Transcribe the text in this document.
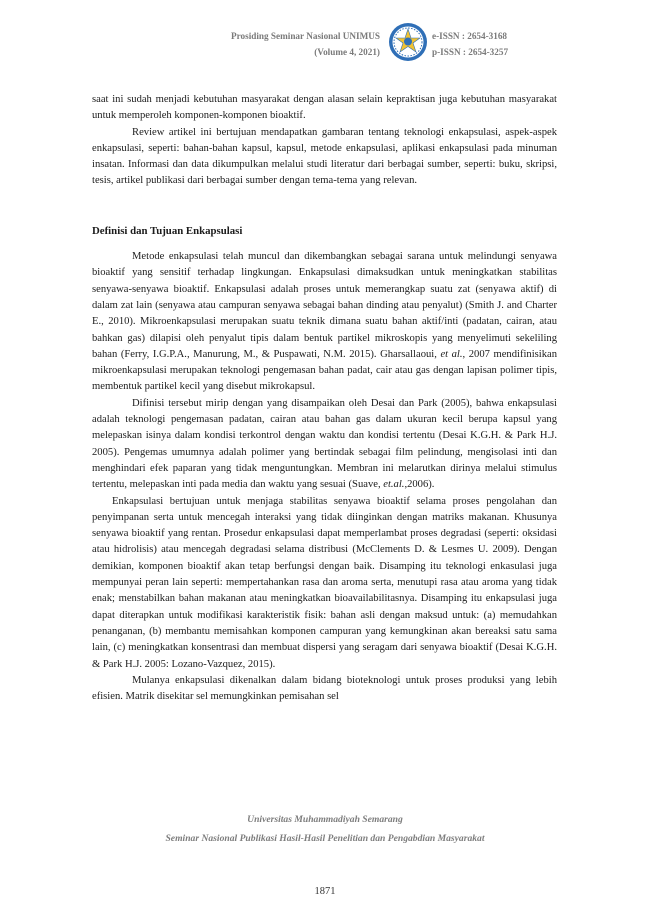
Prosiding Seminar Nasional UNIMUS
(Volume 4, 2021)
e-ISSN : 2654-3168
p-ISSN : 2654-3257

saat ini sudah menjadi kebutuhan masyarakat dengan alasan selain kepraktisan juga kebutuhan masyarakat untuk memperoleh komponen-komponen bioaktif.

Review artikel ini bertujuan mendapatkan gambaran tentang teknologi enkapsulasi, aspek-aspek enkapsulasi, seperti: bahan-bahan kapsul, kapsul, metode enkapsulasi, aplikasi enkapsulasi pada minuman insatan. Informasi dan data dikumpulkan melalui studi literatur dari berbagai sumber, seperti: buku, skripsi, tesis, artikel publikasi dari berbagai sumber dengan tema-tema yang relevan.

Definisi dan Tujuan Enkapsulasi

Metode enkapsulasi telah muncul dan dikembangkan sebagai sarana untuk melindungi senyawa bioaktif yang sensitif terhadap lingkungan. Enkapsulasi dimaksudkan untuk meningkatkan stabilitas senyawa-senyawa bioaktif. Enkapsulasi adalah proses untuk memerangkap suatu zat (senyawa aktif) di dalam zat lain (senyawa atau campuran senyawa sebagai bahan dinding atau penyalut) (Smith J. and Charter E., 2010). Mikroenkapsulasi merupakan suatu teknik dimana suatu bahan aktif/inti (padatan, cairan, atau bahkan gas) dilapisi oleh penyalut tipis dalam bentuk partikel mikroskopis yang menyelimuti sekeliling bahan (Ferry, I.G.P.A., Manurung, M., & Puspawati, N.M. 2015). Gharsallaoui, et al., 2007 mendifinisikan mikroenkapsulasi merupakan teknologi pengemasan bahan padat, cair atau gas dengan lapisan polimer tipis, membentuk partikel kecil yang disebut mikrokapsul.

Difinisi tersebut mirip dengan yang disampaikan oleh Desai dan Park (2005), bahwa enkapsulasi adalah teknologi pengemasan padatan, cairan atau bahan gas dalam ukuran kecil berupa kapsul yang melepaskan isinya dalam kondisi terkontrol dengan waktu dan kondisi tertentu (Desai K.G.H. & Park H.J. 2005). Pengemas umumnya adalah polimer yang bertindak sebagai film pelindung, mengisolasi inti dan menghindari efek paparan yang tidak menguntungkan. Membran ini melarutkan dirinya melalui stimulus tertentu, melepaskan inti pada media dan waktu yang sesuai (Suave, et.al.,2006).

Enkapsulasi bertujuan untuk menjaga stabilitas senyawa bioaktif selama proses pengolahan dan penyimpanan serta untuk mencegah interaksi yang tidak diinginkan dengan matriks makanan. Khusunya senyawa bioaktif yang rentan. Prosedur enkapsulasi dapat memperlambat proses degradasi (seperti: oksidasi atau hidrolisis) atau mencegah degradasi selama distribusi (McClements D. & Lesmes U. 2009). Dengan demikian, komponen bioaktif akan tetap berfungsi dengan baik. Disamping itu teknologi enkasulasi juga mempunyai peran lain seperti: mempertahankan rasa dan aroma serta, menutupi rasa atau aroma yang tidak enak; menstabilkan bahan makanan atau meningkatkan bioavailabilitasnya. Disamping itu enkapsulasi juga dapat diterapkan untuk modifikasi karakteristik fisik: bahan asli dengan maksud untuk: (a) memudahkan penanganan, (b) membantu memisahkan komponen campuran yang kemungkinan akan bereaksi satu sama lain, (c) meningkatkan konsentrasi dan membuat dispersi yang seragam dari senyawa bioaktif (Desai K.G.H. & Park H.J. 2005: Lozano-Vazquez, 2015).

Mulanya enkapsulasi dikenalkan dalam bidang bioteknologi untuk proses produksi yang lebih efisien. Matrik disekitar sel memungkinkan pemisahan sel

Universitas Muhammadiyah Semarang
Seminar Nasional Publikasi Hasil-Hasil Penelitian dan Pengabdian Masyarakat
1871
